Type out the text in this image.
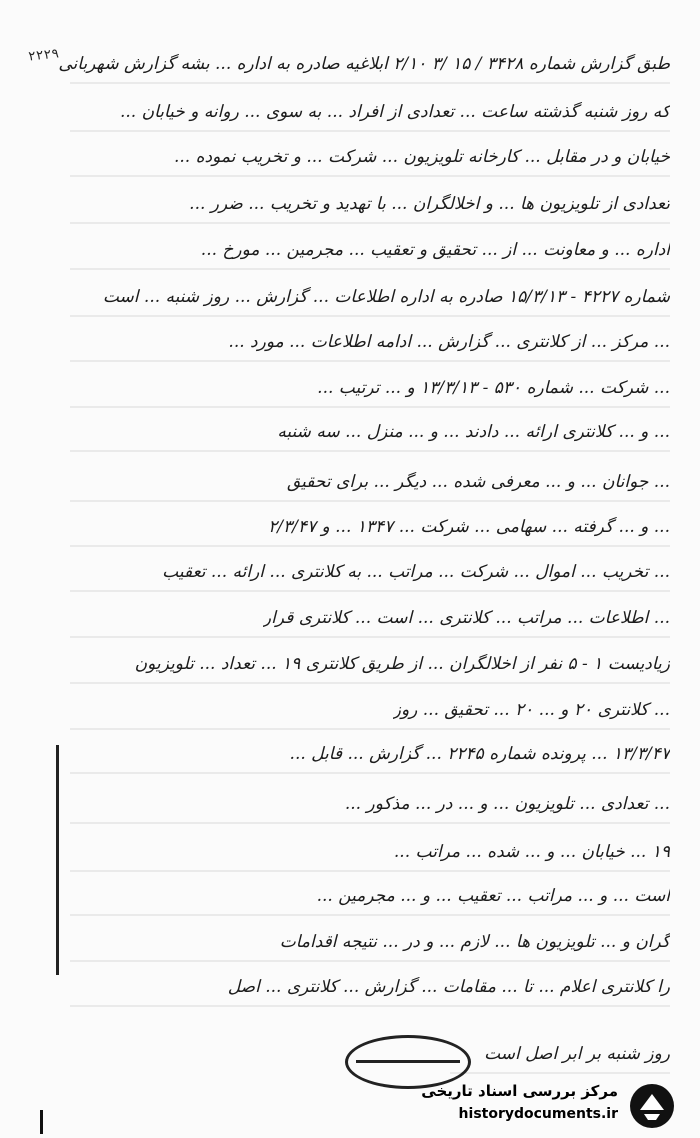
۲۲۲۹
طبق گزارش شماره ۳۴۲۸ / ۱۵ /۳ ۲/۱۰ ابلاغیه صادره به اداره ... بشه گزارش شهربانی
که روز شنبه گذشته ساعت ... تعدادی از افراد ... به سوی ... روانه و خیابان ...
خیابان و در مقابل ... کارخانه تلویزیون ... شرکت ... و تخریب نموده ...
تعدادی از تلویزیون ها ... و اخلالگران ... با تهدید و تخریب ... ضرر ...
اداره ... و معاونت ... از ... تحقیق و تعقیب ... مجرمین ... مورخ ...
شماره ۴۲۲۷ - ۱۵/۳/۱۳ صادره به اداره اطلاعات ... گزارش ... روز شنبه ... است
... مرکز ... از کلانتری ... گزارش ... ادامه اطلاعات ... مورد ...
... شرکت ... شماره ۵۳۰ - ۱۳/۳/۱۳ و ... ترتیب ...
... و ... کلانتری ارائه ... دادند ... و ... منزل ... سه شنبه
... جوانان ... و ... معرفی شده ... دیگر ... برای تحقیق
... و ... گرفته ... سهامی ... شرکت ... ۱۳۴۷ ... و ۲/۳/۴۷
... تخریب ... اموال ... شرکت ... مراتب ... به کلانتری ... ارائه ... تعقیب
... اطلاعات ... مراتب ... کلانتری ... است ... کلانتری قرار
زیادیست ۱ - ۵ نفر از اخلالگران ... از طریق کلانتری ۱۹ ... تعداد ... تلویزیون
... کلانتری ۲۰ و ... ۲۰ ... تحقیق ... روز
۱۳/۳/۴۷ ... پرونده شماره ۲۲۴۵ ... گزارش ... قابل ...
... تعدادی ... تلویزیون ... و ... در ... مذکور ...
۱۹ ... خیابان ... و ... شده ... مراتب ...
است ... و ... مراتب ... تعقیب ... و ... مجرمین ...
گران و ... تلویزیون ها ... لازم ... و در ... نتیجه اقدامات
را کلانتری اعلام ... تا ... مقامات ... گزارش ... کلانتری ... اصل
روز شنبه بر ابر اصل است
مرکز بررسی اسناد تاریخی
historydocuments.ir
